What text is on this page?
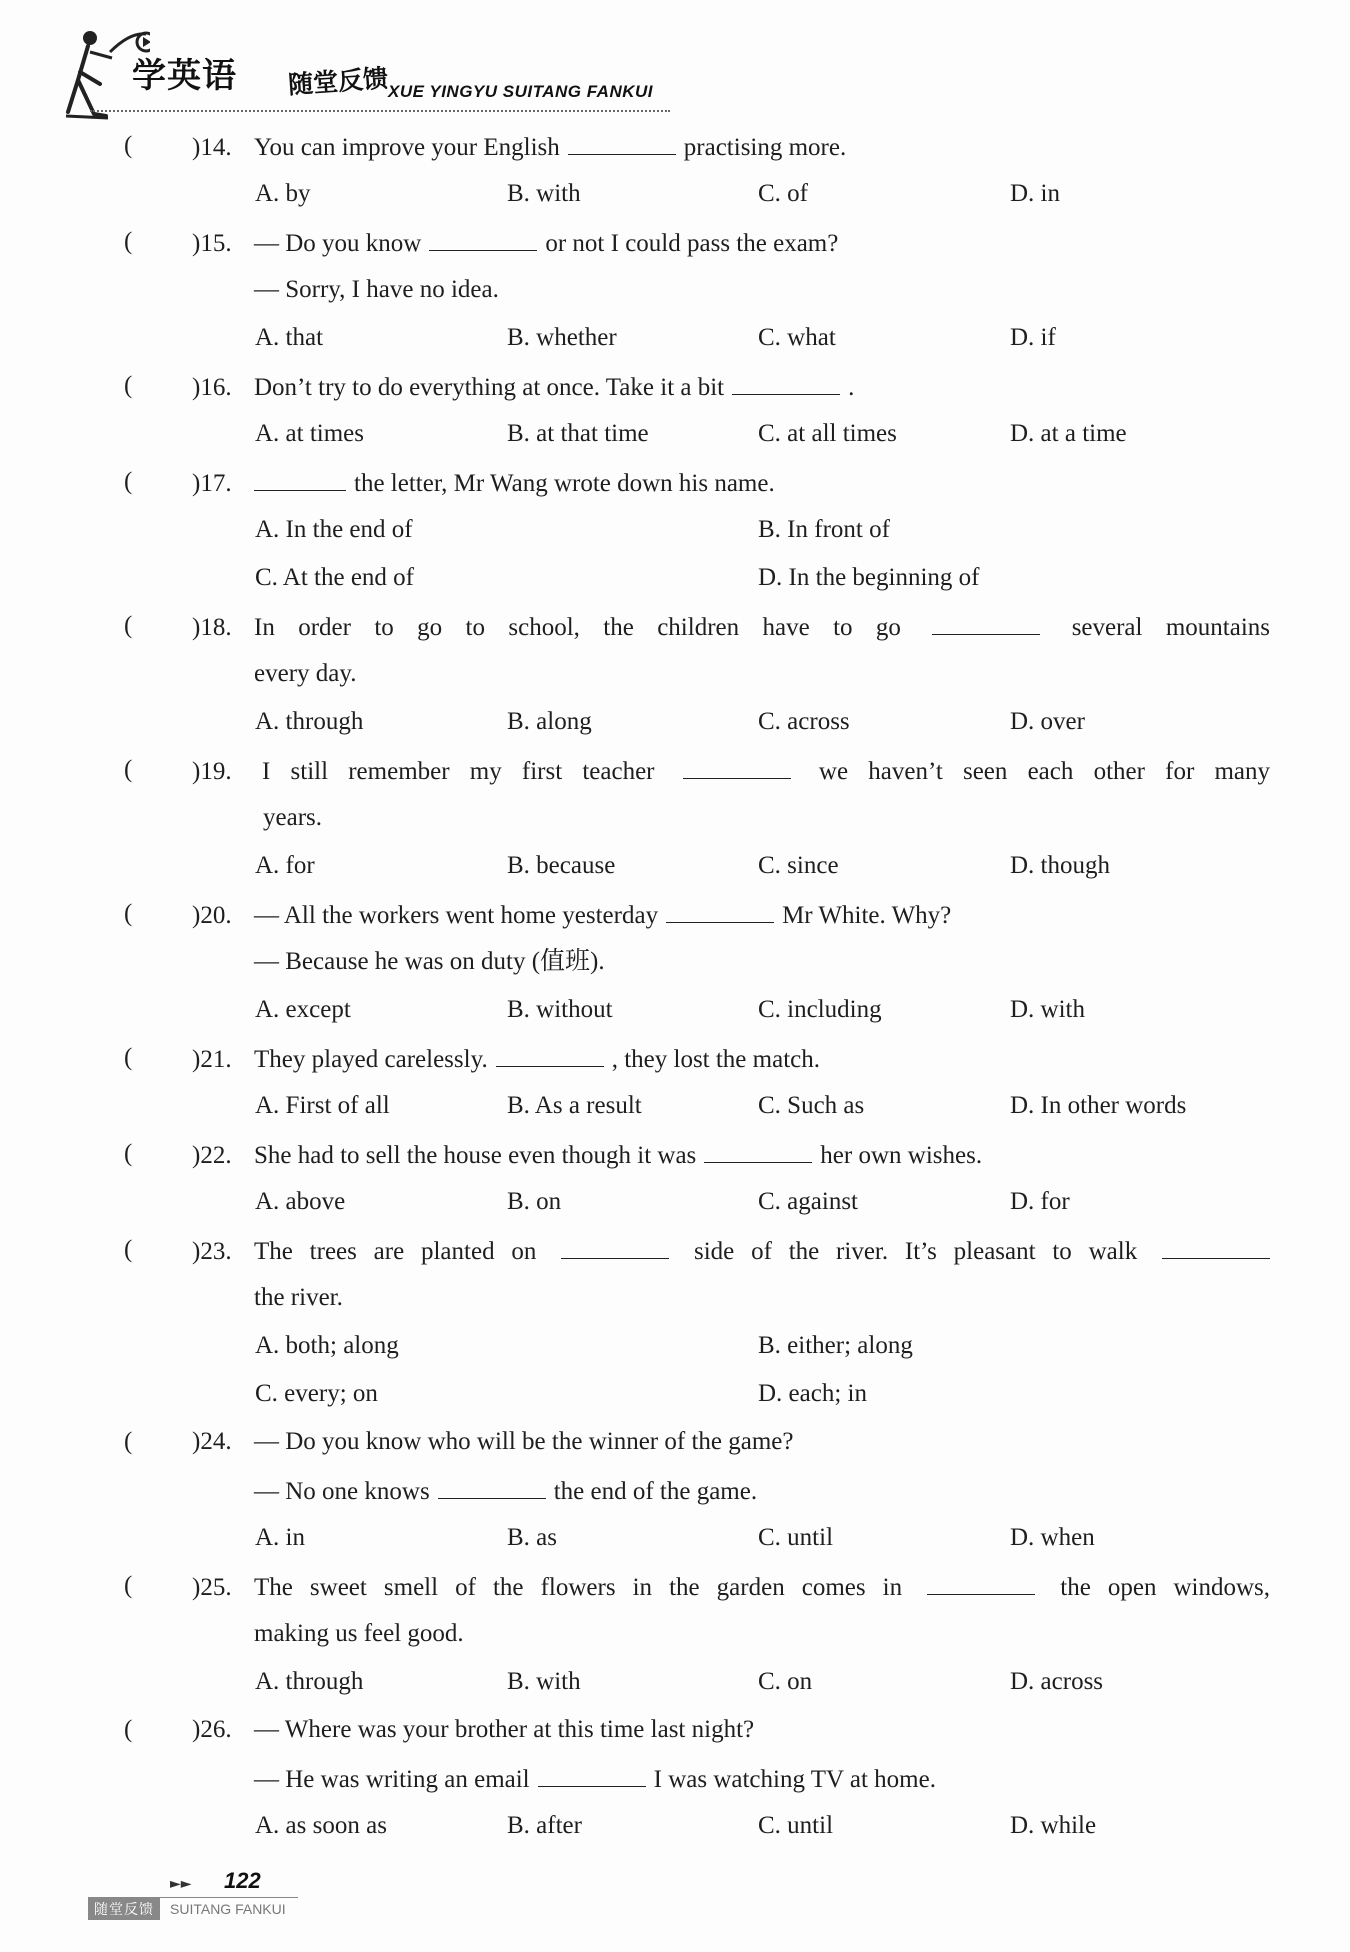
学英语 随堂反馈
XUE YINGYU SUITANG FANKUI
( )14. You can improve your English	practising more.
A. by	B. with	C. of	D. in
( )15. — Do you know	or not I could pass the exam?
— Sorry, I have no idea.
A. that	B. whether	C. what	D. if
( )16. Don’t try to do everything at once. Take it a bit	.
A. at times	B. at that time	C. at all times	D. at a time
( )17.	the letter, Mr Wang wrote down his name.
A. In the end of	B. In front of
C. At the end of	D. In the beginning of
( )18. In order to go to school, the children have to go	several mountains
every day.
A. through	B. along	C. across	D. over
( )19. I still remember my first teacher	we haven’t seen each other for many
years.
A. for	B. because	C. since	D. though
( )20. — All the workers went home yesterday	Mr White. Why?
— Because he was on duty (值班).
A. except	B. without	C. including	D. with
( )21. They played carelessly.	, they lost the match.
A. First of all	B. As a result	C. Such as	D. In other words
( )22. She had to sell the house even though it was	her own wishes.
A. above	B. on	C. against	D. for
( )23. The trees are planted on	side of the river. It’s pleasant to walk
the river.
A. both; along	B. either; along
C. every; on	D. each; in
( )24. — Do you know who will be the winner of the game?
— No one knows	the end of the game.
A. in	B. as	C. until	D. when
( )25. The sweet smell of the flowers in the garden comes in	the open windows,
making us feel good.
A. through	B. with	C. on	D. across
( )26. — Where was your brother at this time last night?
— He was writing an email	I was watching TV at home.
A. as soon as	B. after	C. until	D. while
►► 122
随堂反馈	SUITANG FANKUI
